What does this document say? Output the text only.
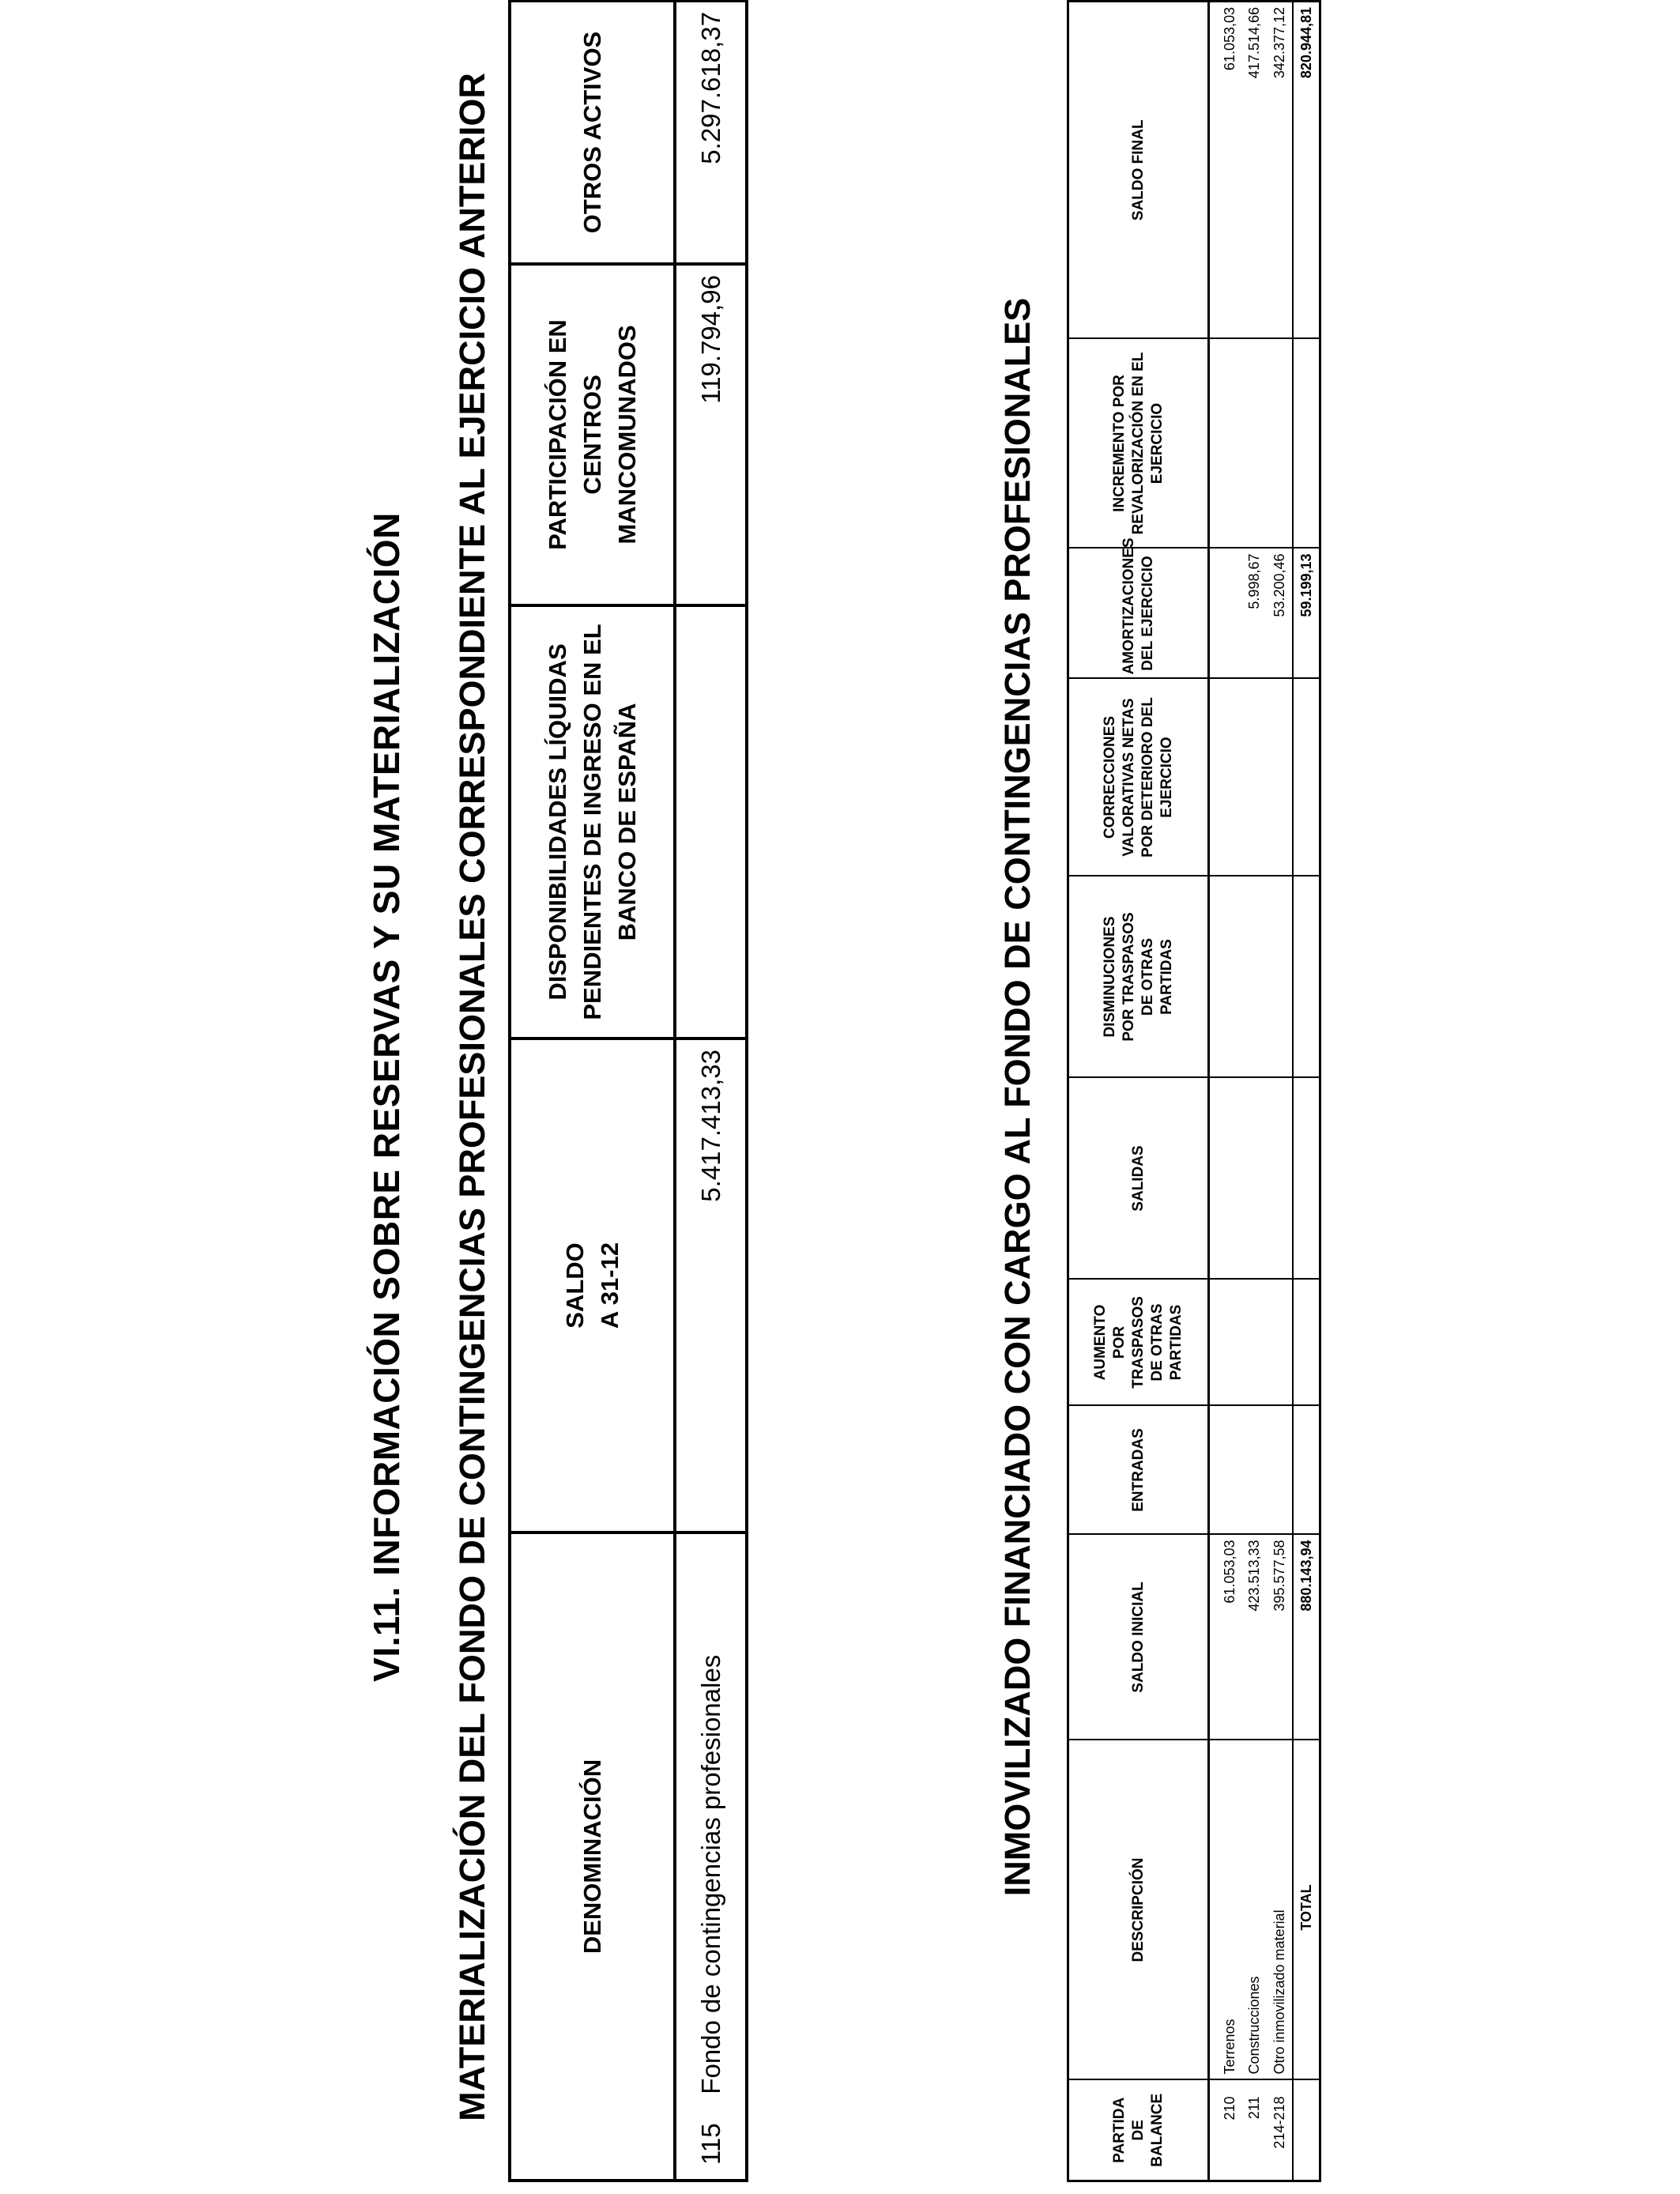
VI.11. INFORMACIÓN SOBRE RESERVAS Y SU MATERIALIZACIÓN MATERIALIZACIÓN DEL FONDO DE CONTINGENCIAS PROFESIONALES CORRESPONDIENTE AL EJERCICIO ANTERIOR	DENOMINACIÓN	SALDO
A 31-12	DISPONIBILIDADES LÍQUIDAS PENDIENTES DE INGRESO EN EL BANCO DE ESPAÑA	PARTICIPACIÓN EN CENTROS MANCOMUNADOS	OTROS ACTIVOS
115    Fondo de contingencias profesionales	5.417.413,33		119.794,96	5.297.618,37
INMOVILIZADO FINANCIADO CON CARGO AL FONDO DE CONTINGENCIAS PROFESIONALES
PARTIDA DE BALANCE	DESCRIPCIÓN	SALDO INICIAL	ENTRADAS	AUMENTO POR TRASPASOS DE OTRAS PARTIDAS	SALIDAS	DISMINUCIONES POR TRASPASOS DE OTRAS PARTIDAS	CORRECCIONES VALORATIVAS NETAS POR DETERIORO DEL EJERCICIO	AMORTIZACIONES DEL EJERCICIO	INCREMENTO POR REVALORIZACIÓN EN EL EJERCICIO	SALDO FINAL

210	Terrenos	61.053,03								61.053,03
211	Construcciones	423.513,33						5.998,67		417.514,66
214-218	Otro inmovilizado material	395.577,58						53.200,46		342.377,12
	TOTAL	880.143,94						59.199,13		820.944,81
